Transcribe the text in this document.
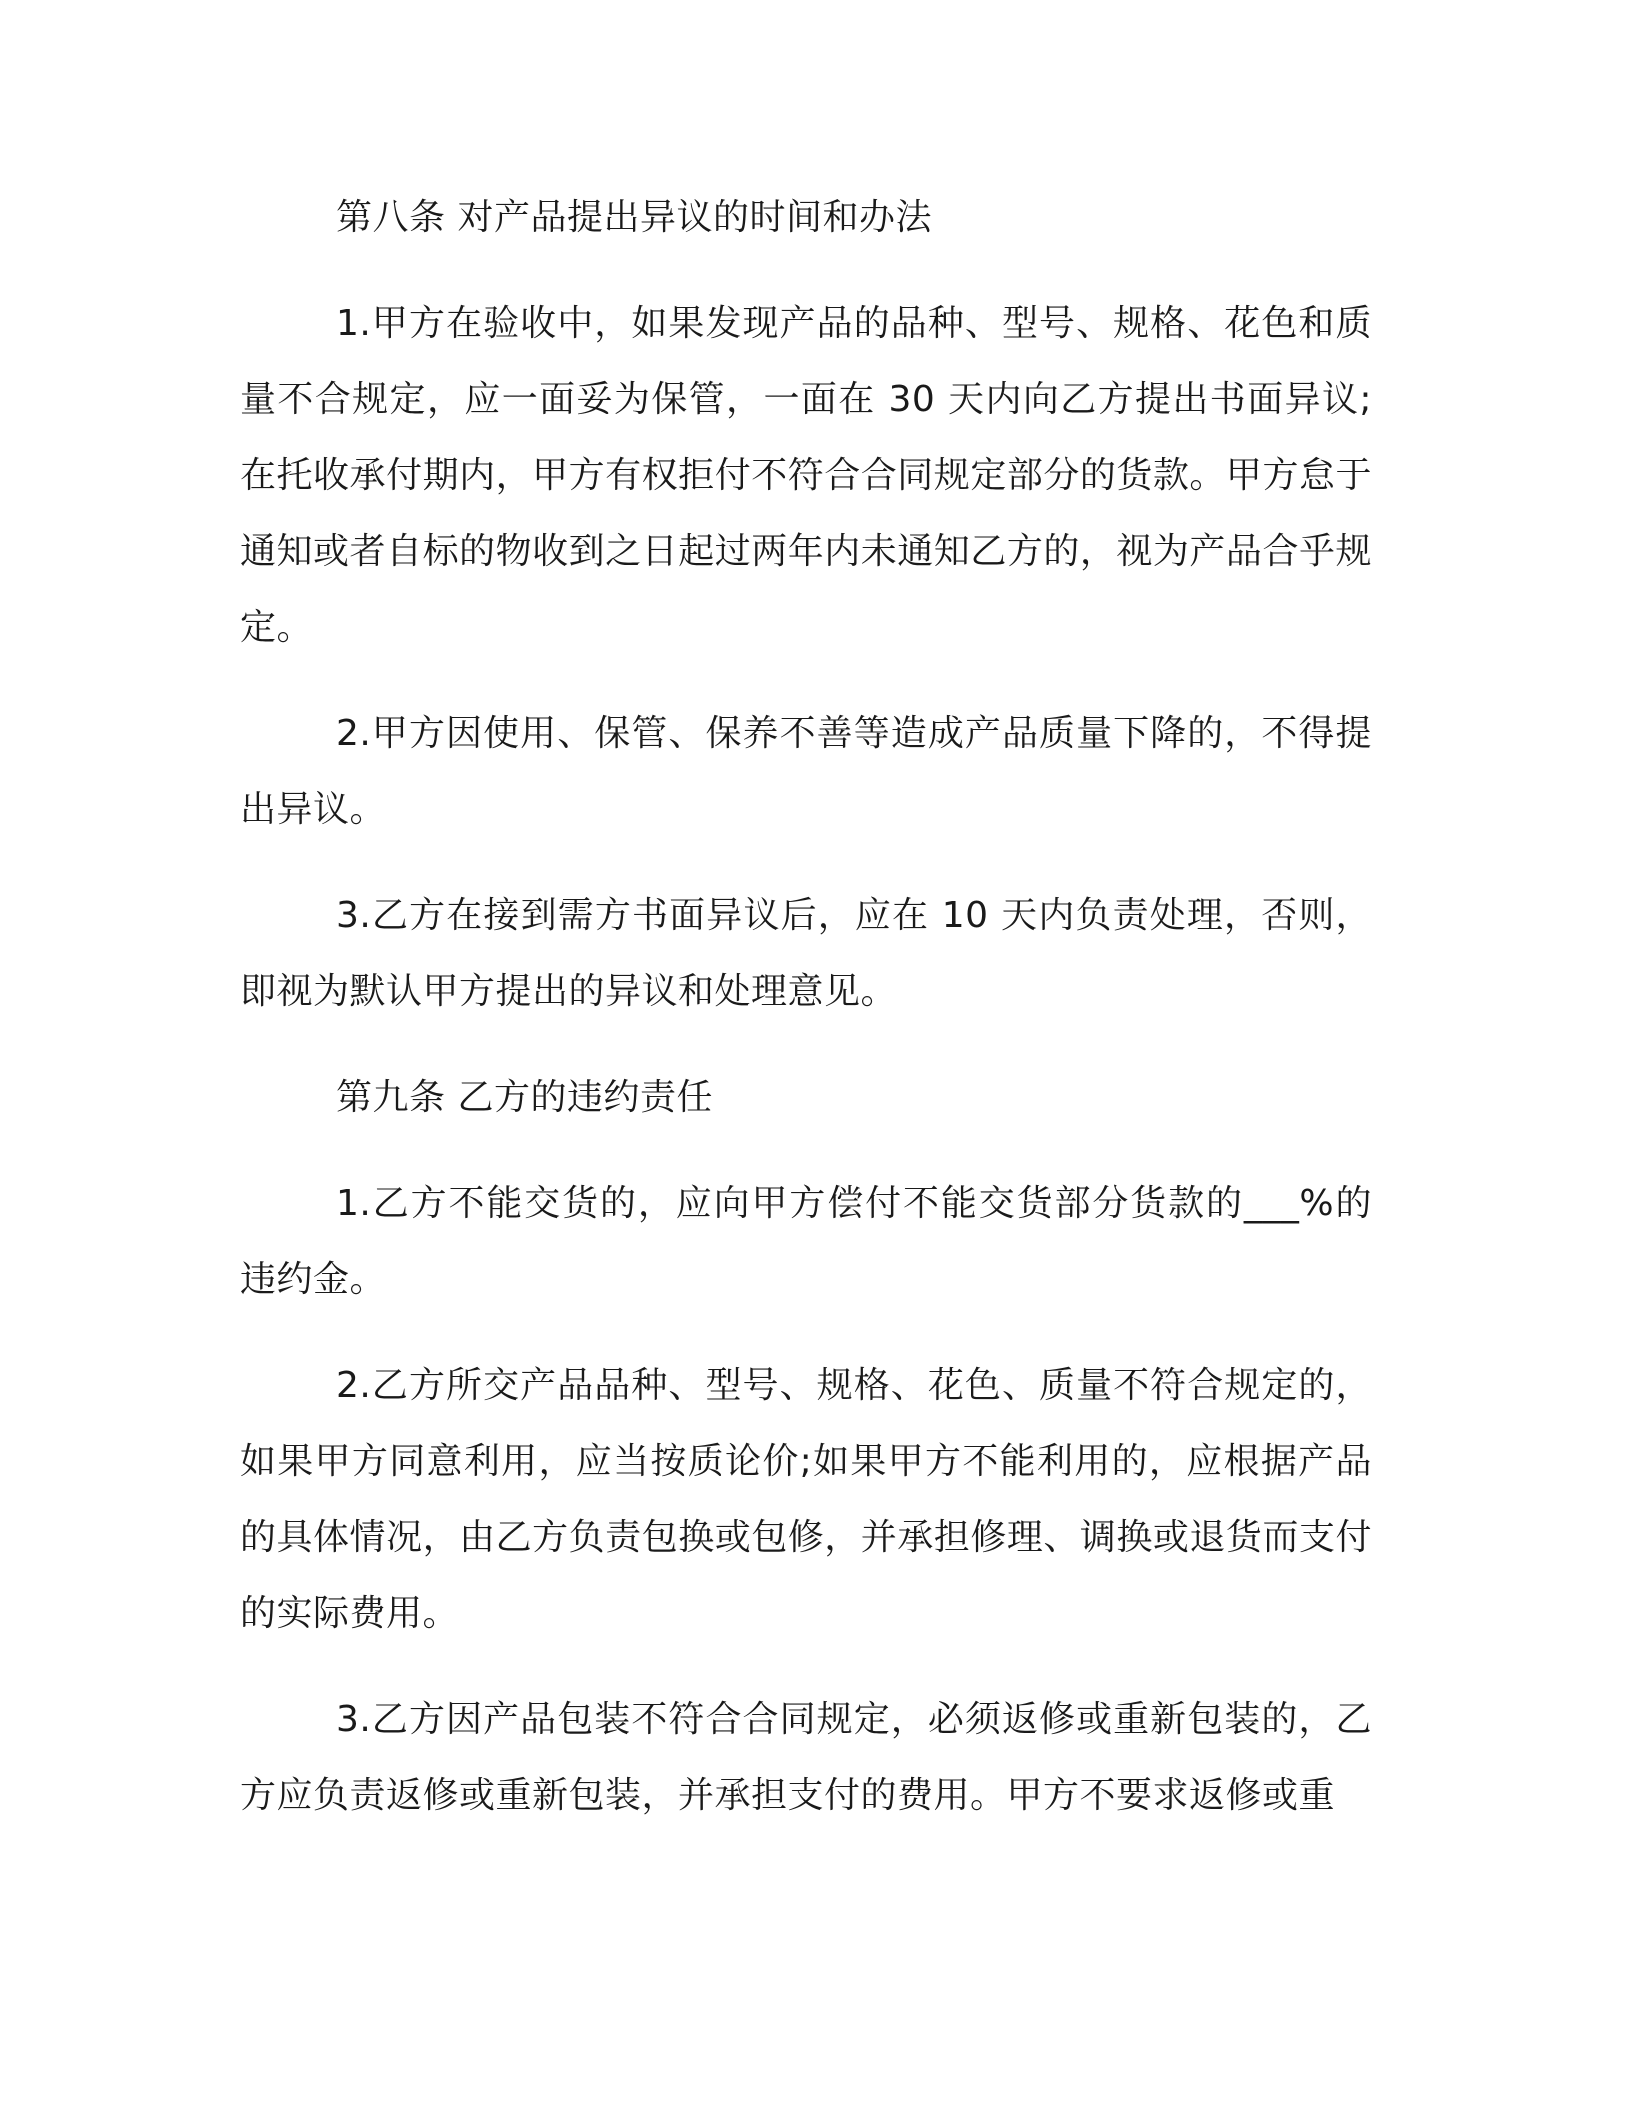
第八条 对产品提出异议的时间和办法

1.甲方在验收中，如果发现产品的品种、型号、规格、花色和质量不合规定，应一面妥为保管，一面在 30 天内向乙方提出书面异议;在托收承付期内，甲方有权拒付不符合合同规定部分的货款。甲方怠于通知或者自标的物收到之日起过两年内未通知乙方的，视为产品合乎规定。

2.甲方因使用、保管、保养不善等造成产品质量下降的，不得提出异议。

3.乙方在接到需方书面异议后，应在 10 天内负责处理，否则，即视为默认甲方提出的异议和处理意见。

第九条 乙方的违约责任

1.乙方不能交货的，应向甲方偿付不能交货部分货款的___%的违约金。

2.乙方所交产品品种、型号、规格、花色、质量不符合规定的，如果甲方同意利用，应当按质论价;如果甲方不能利用的，应根据产品的具体情况，由乙方负责包换或包修，并承担修理、调换或退货而支付的实际费用。

3.乙方因产品包装不符合合同规定，必须返修或重新包装的，乙方应负责返修或重新包装，并承担支付的费用。甲方不要求返修或重
